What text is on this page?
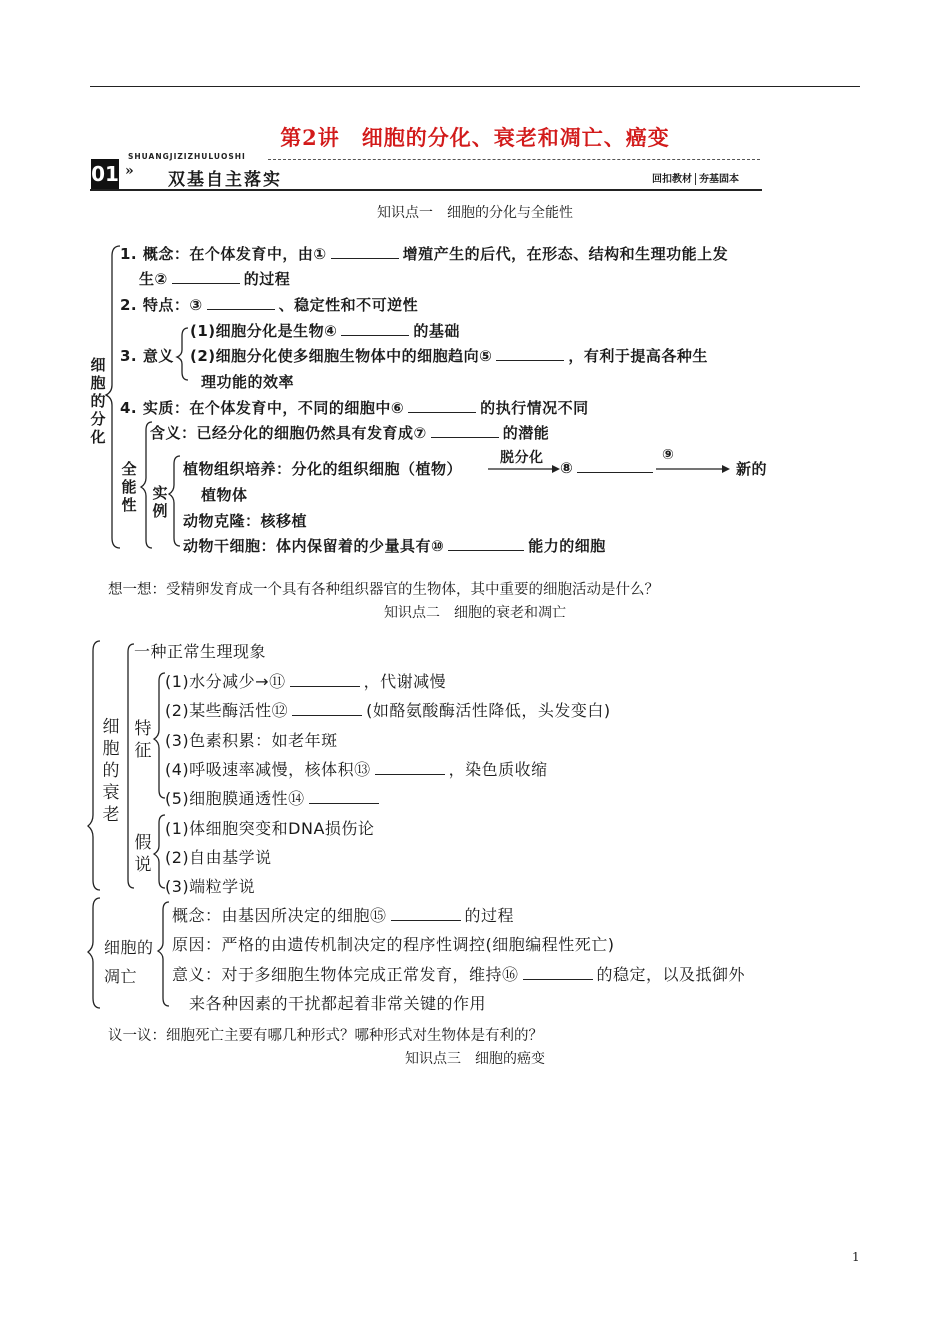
第2讲　细胞的分化、衰老和凋亡、癌变
01
SHUANGJIZIZHULUOSHI
» 双基自主落实	回扣教材 夯基固本
知识点一　细胞的分化与全能性
细胞的分化
1. 概念：在个体发育中，由①	增殖产生的后代，在形态、结构和生理功能上发
生②	的过程
2. 特点：③	、稳定性和不可逆性
3. 意义
(1)细胞分化是生物④	的基础
(2)细胞分化使多细胞生物体中的细胞趋向⑤	，有利于提高各种生
理功能的效率
4. 实质：在个体发育中，不同的细胞中⑥	的执行情况不同
全能性
含义：已经分化的细胞仍然具有发育成⑦	的潜能
实例
植物组织培养：分化的组织细胞（植物）
脱分化
⑧
⑨
新的
植物体
动物克隆：核移植
动物干细胞：体内保留着的少量具有⑩	能力的细胞
想一想：受精卵发育成一个具有各种组织器官的生物体，其中重要的细胞活动是什么？
知识点二　细胞的衰老和凋亡
细胞的衰老
一种正常生理现象
特征
(1)水分减少→⑪	，代谢减慢
(2)某些酶活性⑫	(如酪氨酸酶活性降低，头发变白)
(3)色素积累：如老年斑
(4)呼吸速率减慢，核体积⑬	，染色质收缩
(5)细胞膜通透性⑭
假说
(1)体细胞突变和DNA损伤论
(2)自由基学说
(3)端粒学说
细胞的凋亡
概念：由基因所决定的细胞⑮	的过程
原因：严格的由遗传机制决定的程序性调控(细胞编程性死亡)
意义：对于多细胞生物体完成正常发育，维持⑯	的稳定，以及抵御外
来各种因素的干扰都起着非常关键的作用
议一议：细胞死亡主要有哪几种形式？哪种形式对生物体是有利的？
知识点三　细胞的癌变
1
